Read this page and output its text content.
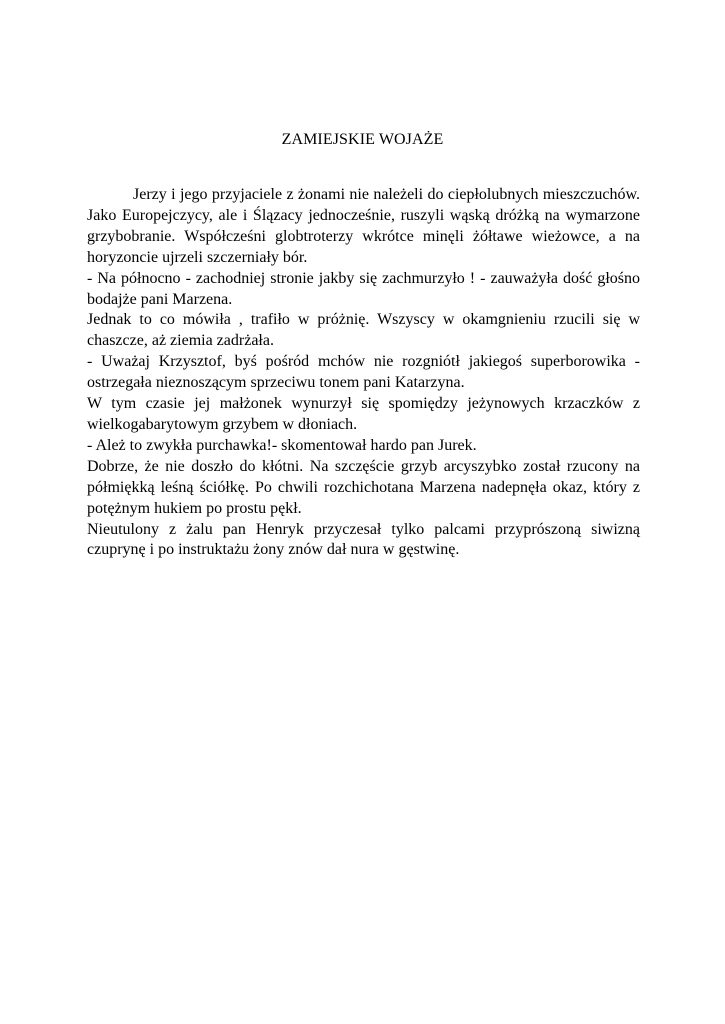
ZAMIEJSKIE WOJAŻE

Jerzy i jego przyjaciele z żonami nie należeli do ciepłolubnych mieszczuchów. Jako Europejczycy, ale i Ślązacy jednocześnie, ruszyli wąską dróżką na wymarzone grzybobranie. Współcześni globtroterzy wkrótce minęli żółtawe wieżowce, a na horyzoncie ujrzeli szczerniały bór.

- Na północno - zachodniej stronie jakby się zachmurzyło ! - zauważyła dość głośno bodajże pani Marzena.

Jednak to co mówiła , trafiło w próżnię. Wszyscy w okamgnieniu rzucili się w chaszcze, aż ziemia zadrżała.

- Uważaj Krzysztof, byś pośród mchów nie rozgniótł jakiegoś superborowika - ostrzegała nieznoszącym sprzeciwu tonem pani Katarzyna.

W tym czasie jej małżonek wynurzył się spomiędzy jeżynowych krzaczków z wielkogabarytowym grzybem w dłoniach.

- Ależ to zwykła purchawka!- skomentował hardo pan Jurek.

Dobrze, że nie doszło do kłótni. Na szczęście grzyb arcyszybko został rzucony na półmiękką leśną ściółkę. Po chwili rozchichotana Marzena nadepnęła okaz, który z potężnym hukiem po prostu pękł.

Nieutulony z żalu pan Henryk przyczesał tylko palcami przyprószoną siwizną czuprynę i po instruktażu żony znów dał nura w gęstwinę.
